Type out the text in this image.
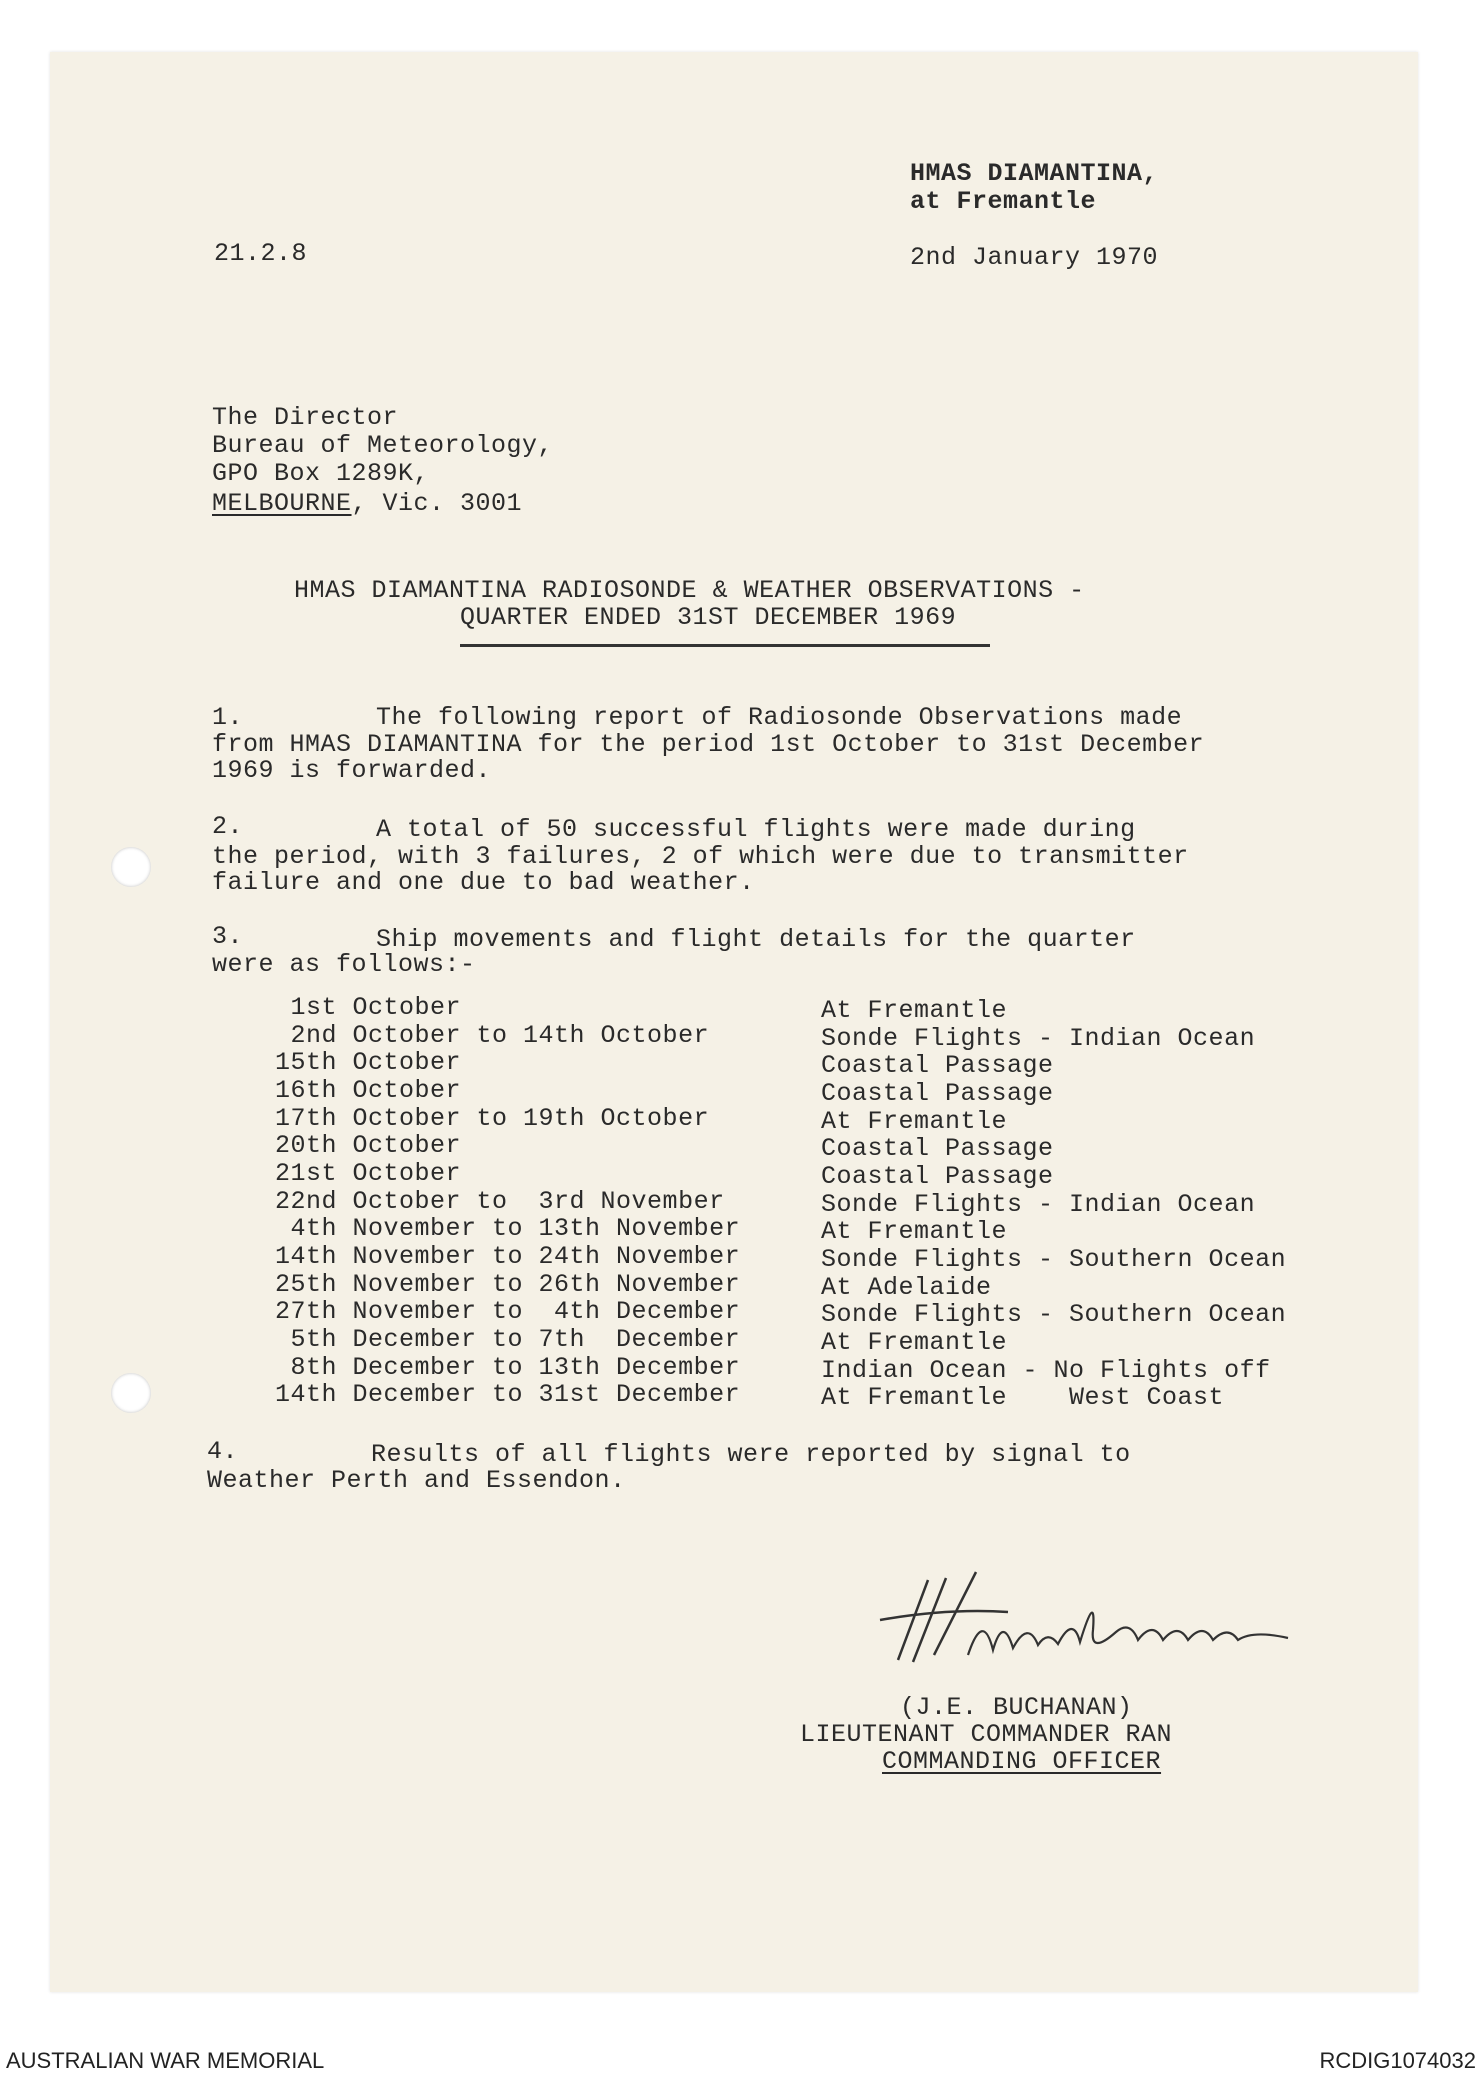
HMAS DIAMANTINA,
at Fremantle
21.2.8	2nd January 1970
The Director
Bureau of Meteorology,
GPO Box 1289K,
MELBOURNE, Vic. 3001
HMAS DIAMANTINA RADIOSONDE & WEATHER OBSERVATIONS -
QUARTER ENDED 31ST DECEMBER 1969
1.	The following report of Radiosonde Observations made
from HMAS DIAMANTINA for the period 1st October to 31st December
1969 is forwarded.
2.	A total of 50 successful flights were made during
the period, with 3 failures, 2 of which were due to transmitter
failure and one due to bad weather.
3.	Ship movements and flight details for the quarter
were as follows:-
1st October	At Fremantle
2nd October to 14th October	Sonde Flights - Indian Ocean
15th October	Coastal Passage
16th October	Coastal Passage
17th October to 19th October	At Fremantle
20th October	Coastal Passage
21st October	Coastal Passage
22nd October to  3rd November	Sonde Flights - Indian Ocean
4th November to 13th November	At Fremantle
14th November to 24th November	Sonde Flights - Southern Ocean
25th November to 26th November	At Adelaide
27th November to  4th December	Sonde Flights - Southern Ocean
5th December to 7th  December	At Fremantle
8th December to 13th December	Indian Ocean - No Flights off
14th December to 31st December	At Fremantle    West Coast
4.	Results of all flights were reported by signal to
Weather Perth and Essendon.
(J.E. BUCHANAN)
LIEUTENANT COMMANDER RAN
COMMANDING OFFICER
AUSTRALIAN WAR MEMORIAL	RCDIG1074032
